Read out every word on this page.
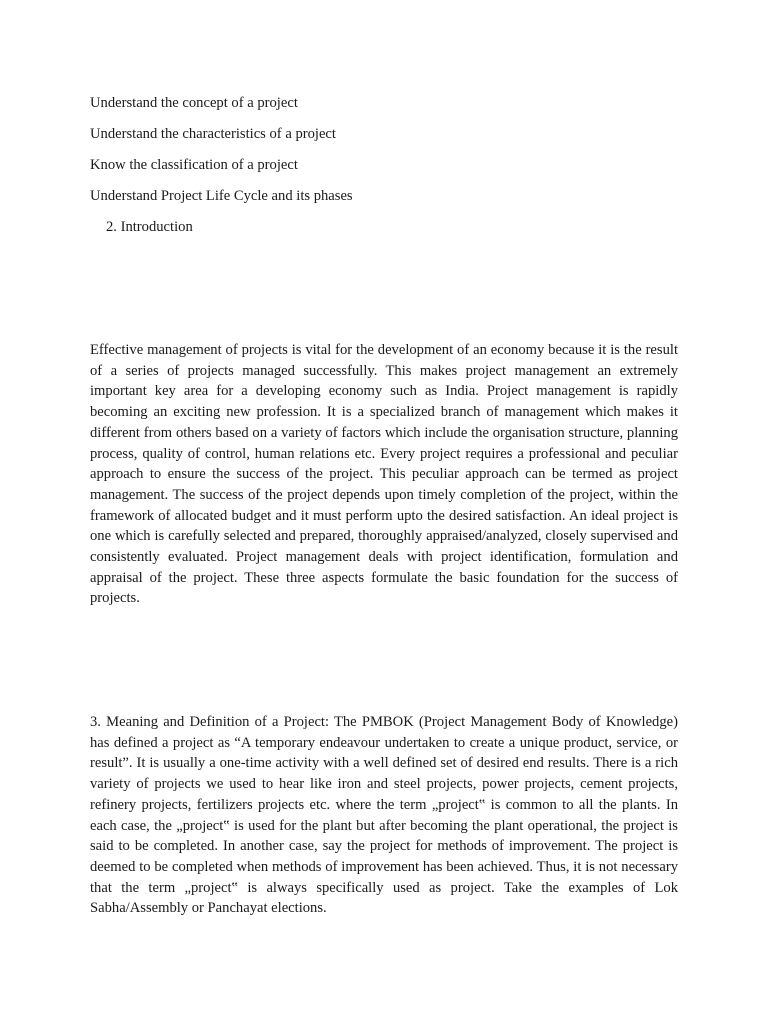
Understand the concept of a project
Understand the characteristics of a project
Know the classification of a project
Understand Project Life Cycle and its phases
2. Introduction

Effective management of projects is vital for the development of an economy because it is the result of a series of projects managed successfully. This makes project management an extremely important key area for a developing economy such as India. Project management is rapidly becoming an exciting new profession. It is a specialized branch of management which makes it different from others based on a variety of factors which include the organisation structure, planning process, quality of control, human relations etc. Every project requires a professional and peculiar approach to ensure the success of the project. This peculiar approach can be termed as project management. The success of the project depends upon timely completion of the project, within the framework of allocated budget and it must perform upto the desired satisfaction. An ideal project is one which is carefully selected and prepared, thoroughly appraised/analyzed, closely supervised and consistently evaluated. Project management deals with project identification, formulation and appraisal of the project. These three aspects formulate the basic foundation for the success of projects.

3. Meaning and Definition of a Project: The PMBOK (Project Management Body of Knowledge) has defined a project as “A temporary endeavour undertaken to create a unique product, service, or result”. It is usually a one-time activity with a well defined set of desired end results. There is a rich variety of projects we used to hear like iron and steel projects, power projects, cement projects, refinery projects, fertilizers projects etc. where the term „project‟ is common to all the plants. In each case, the „project‟ is used for the plant but after becoming the plant operational, the project is said to be completed. In another case, say the project for methods of improvement. The project is deemed to be completed when methods of improvement has been achieved. Thus, it is not necessary that the term „project‟ is always specifically used as project. Take the examples of Lok Sabha/Assembly or Panchayat elections.
